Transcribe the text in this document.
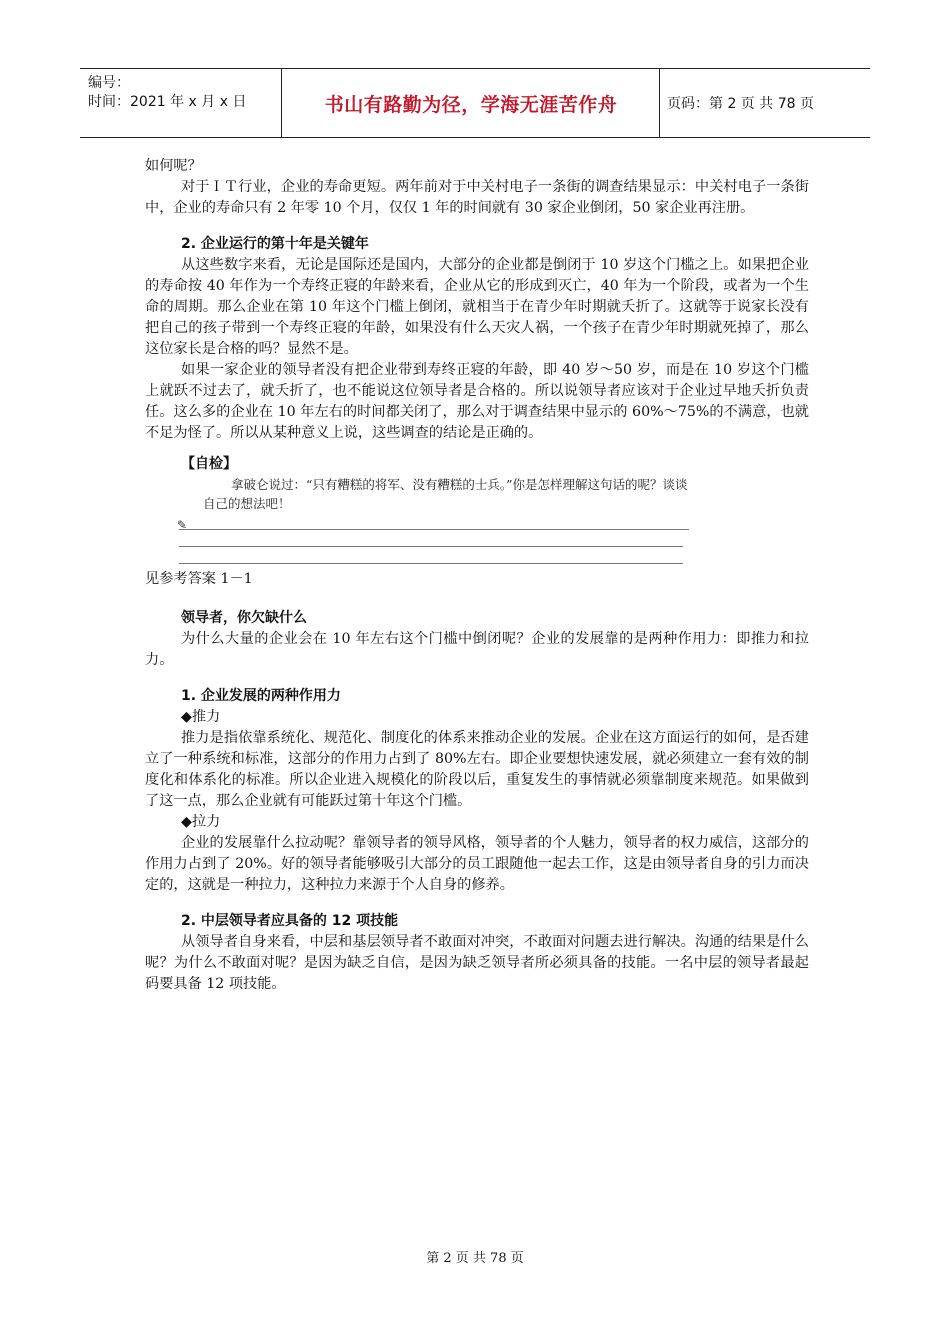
编号：
时间：2021 年 x 月 x 日	书山有路勤为径，学海无涯苦作舟	页码：第 2 页 共 78 页

如何呢？

对于ＩＴ行业，企业的寿命更短。两年前对于中关村电子一条街的调查结果显示：中关村电子一条街中，企业的寿命只有 2 年零 10 个月，仅仅 1 年的时间就有 30 家企业倒闭，50 家企业再注册。

2. 企业运行的第十年是关键年

从这些数字来看，无论是国际还是国内，大部分的企业都是倒闭于 10 岁这个门槛之上。如果把企业的寿命按 40 年作为一个寿终正寝的年龄来看，企业从它的形成到灭亡，40 年为一个阶段，或者为一个生命的周期。那么企业在第 10 年这个门槛上倒闭，就相当于在青少年时期就夭折了。这就等于说家长没有把自己的孩子带到一个寿终正寝的年龄，如果没有什么天灾人祸，一个孩子在青少年时期就死掉了，那么这位家长是合格的吗？显然不是。

如果一家企业的领导者没有把企业带到寿终正寝的年龄，即 40 岁～50 岁，而是在 10 岁这个门槛上就跃不过去了，就夭折了，也不能说这位领导者是合格的。所以说领导者应该对于企业过早地夭折负责任。这么多的企业在 10 年左右的时间都关闭了，那么对于调查结果中显示的 60%～75%的不满意，也就不足为怪了。所以从某种意义上说，这些调查的结论是正确的。

【自检】

拿破仑说过：“只有糟糕的将军、没有糟糕的士兵。”你是怎样理解这句话的呢？谈谈

自己的想法吧！

✎

见参考答案 1－1

领导者，你欠缺什么

为什么大量的企业会在 10 年左右这个门槛中倒闭呢？企业的发展靠的是两种作用力：即推力和拉力。

1. 企业发展的两种作用力

◆推力

推力是指依靠系统化、规范化、制度化的体系来推动企业的发展。企业在这方面运行的如何，是否建立了一种系统和标准，这部分的作用力占到了 80%左右。即企业要想快速发展，就必须建立一套有效的制度化和体系化的标准。所以企业进入规模化的阶段以后，重复发生的事情就必须靠制度来规范。如果做到了这一点，那么企业就有可能跃过第十年这个门槛。

◆拉力

企业的发展靠什么拉动呢？靠领导者的领导风格，领导者的个人魅力，领导者的权力威信，这部分的作用力占到了 20%。好的领导者能够吸引大部分的员工跟随他一起去工作，这是由领导者自身的引力而决定的，这就是一种拉力，这种拉力来源于个人自身的修养。

2. 中层领导者应具备的 12 项技能

从领导者自身来看，中层和基层领导者不敢面对冲突，不敢面对问题去进行解决。沟通的结果是什么呢？为什么不敢面对呢？是因为缺乏自信，是因为缺乏领导者所必须具备的技能。一名中层的领导者最起码要具备 12 项技能。

第 2 页 共 78 页
